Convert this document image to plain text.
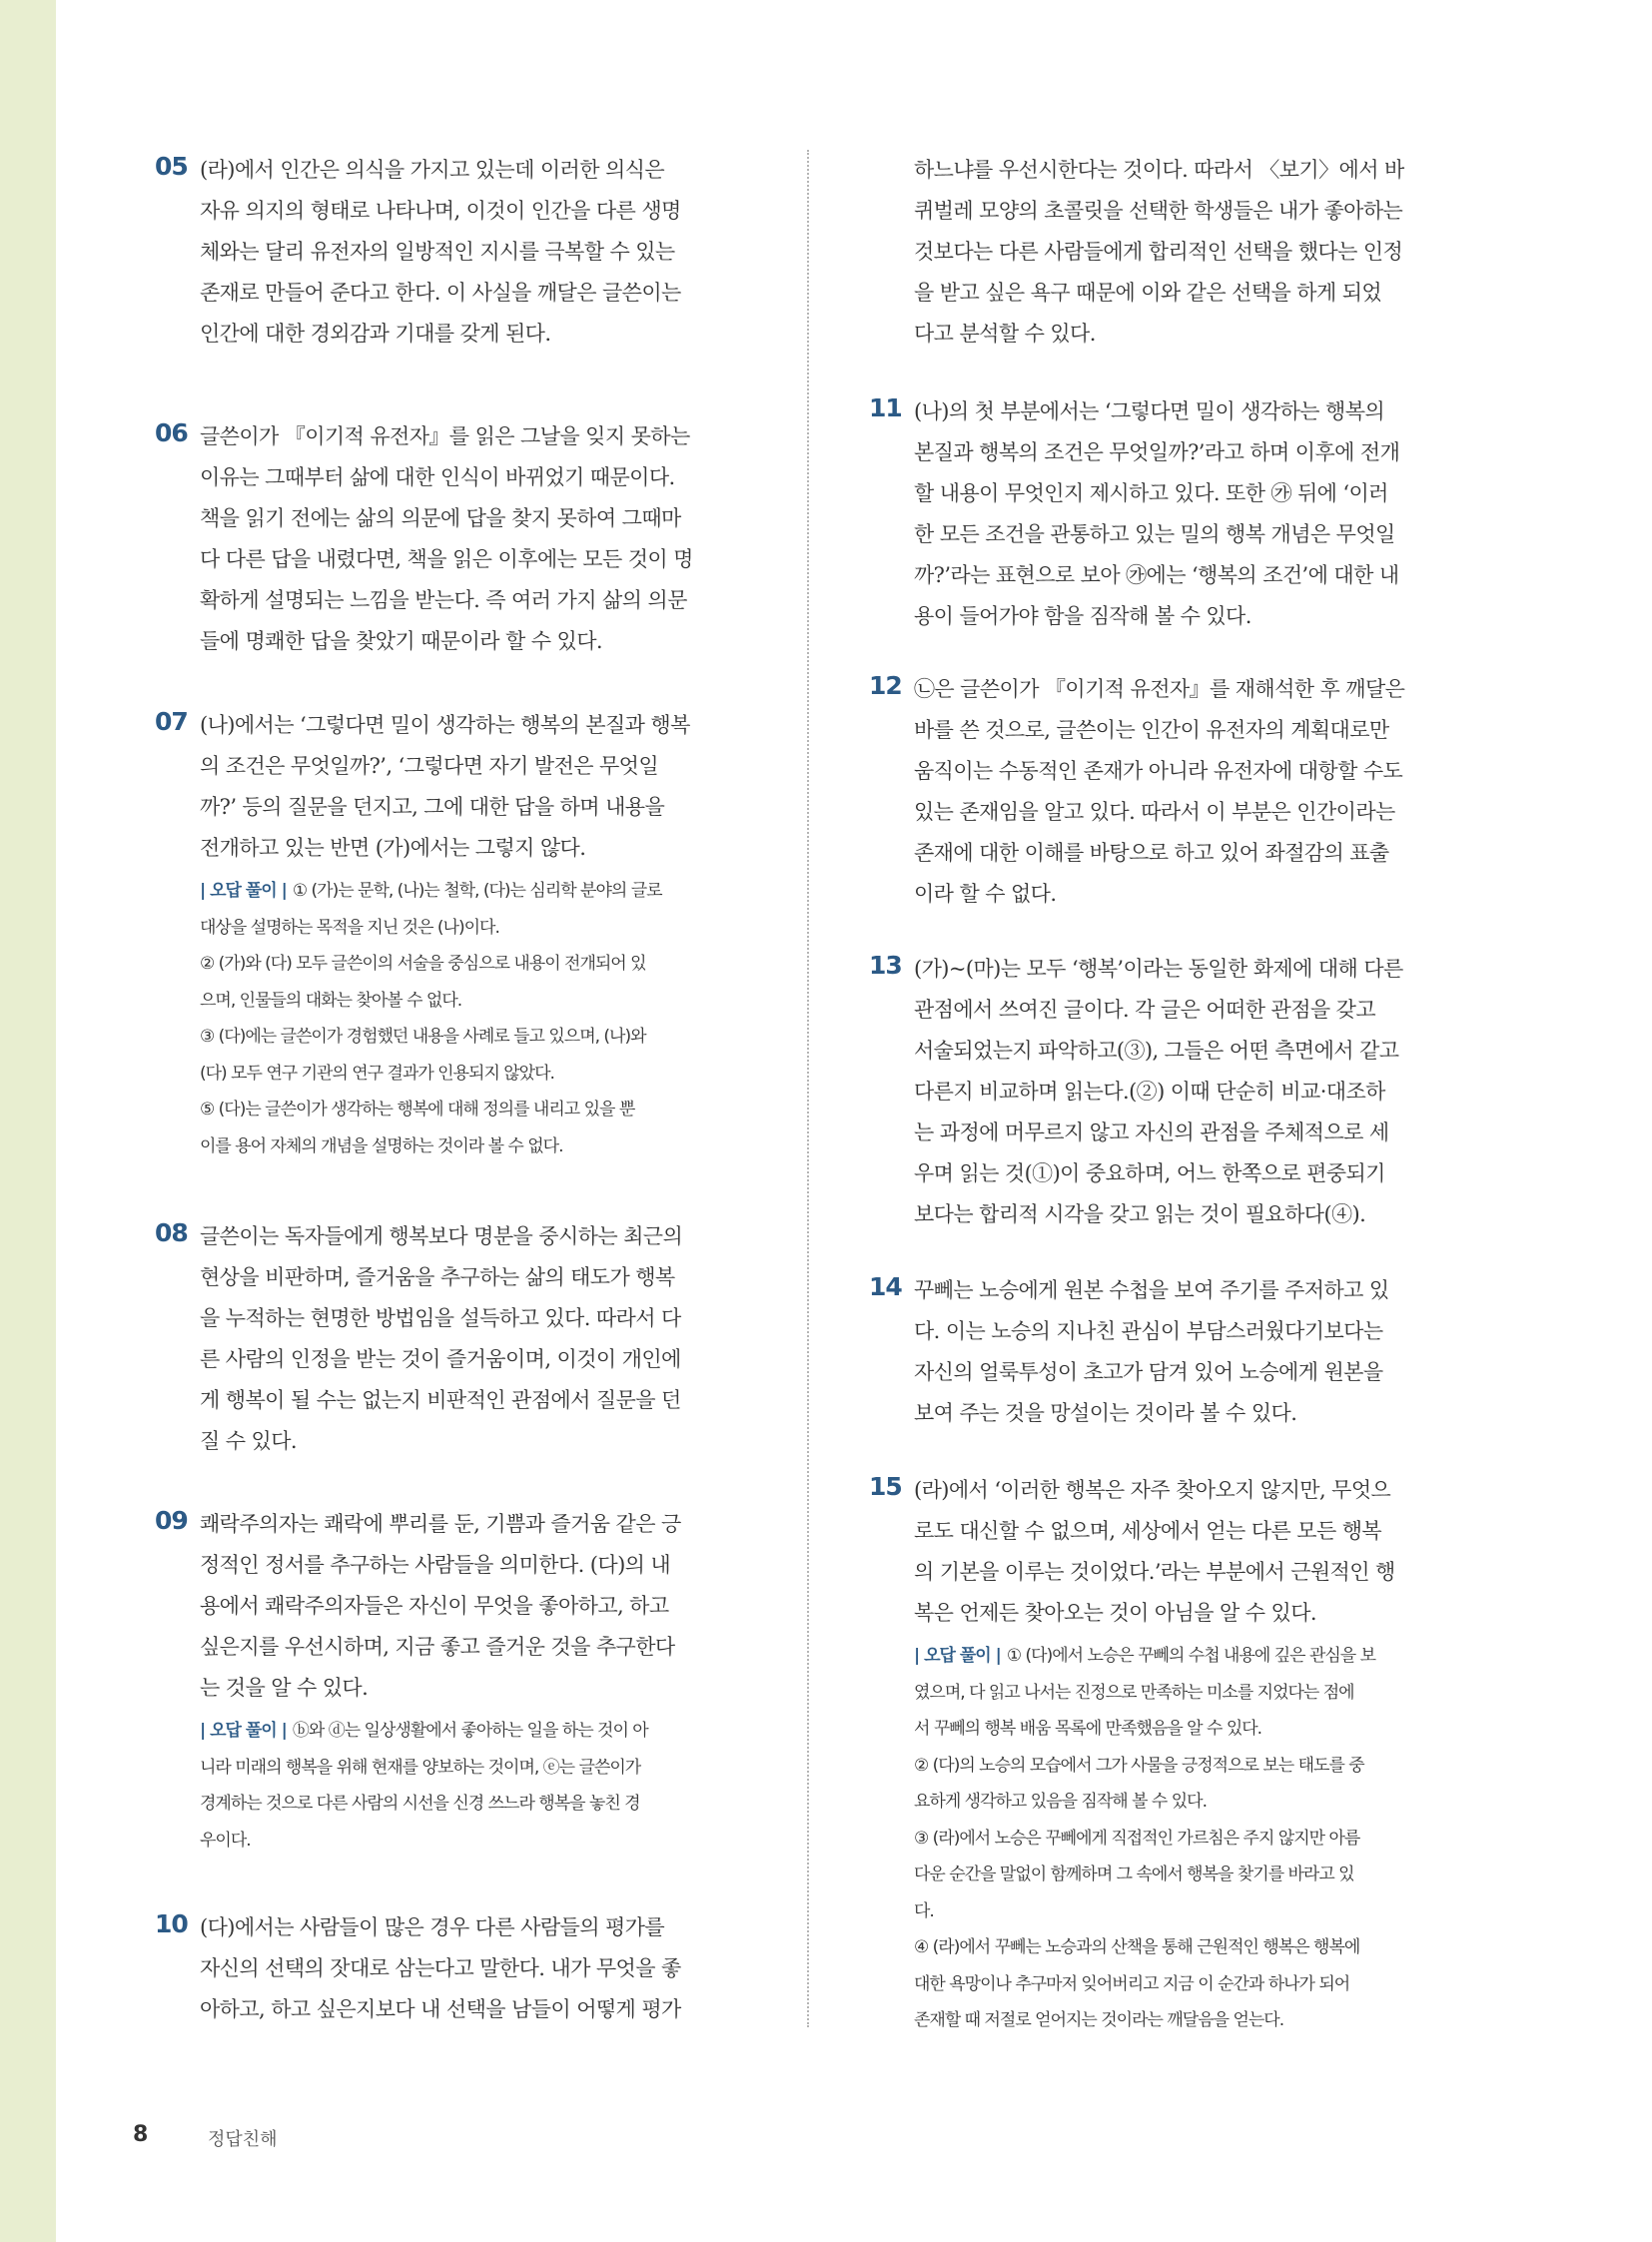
05 (라)에서 인간은 의식을 가지고 있는데 이러한 의식은
자유 의지의 형태로 나타나며, 이것이 인간을 다른 생명
체와는 달리 유전자의 일방적인 지시를 극복할 수 있는
존재로 만들어 준다고 한다. 이 사실을 깨달은 글쓴이는
인간에 대한 경외감과 기대를 갖게 된다.
06 글쓴이가 『이기적 유전자』를 읽은 그날을 잊지 못하는
이유는 그때부터 삶에 대한 인식이 바뀌었기 때문이다.
책을 읽기 전에는 삶의 의문에 답을 찾지 못하여 그때마
다 다른 답을 내렸다면, 책을 읽은 이후에는 모든 것이 명
확하게 설명되는 느낌을 받는다. 즉 여러 가지 삶의 의문
들에 명쾌한 답을 찾았기 때문이라 할 수 있다.
07 (나)에서는 ‘그렇다면 밀이 생각하는 행복의 본질과 행복
의 조건은 무엇일까?’, ‘그렇다면 자기 발전은 무엇일
까?’ 등의 질문을 던지고, 그에 대한 답을 하며 내용을
전개하고 있는 반면 (가)에서는 그렇지 않다.

| 오답 풀이 | ① (가)는 문학, (나)는 철학, (다)는 심리학 분야의 글로

대상을 설명하는 목적을 지닌 것은 (나)이다.

② (가)와 (다) 모두 글쓴이의 서술을 중심으로 내용이 전개되어 있

으며, 인물들의 대화는 찾아볼 수 없다.

③ (다)에는 글쓴이가 경험했던 내용을 사례로 들고 있으며, (나)와

(다) 모두 연구 기관의 연구 결과가 인용되지 않았다.

⑤ (다)는 글쓴이가 생각하는 행복에 대해 정의를 내리고 있을 뿐

이를 용어 자체의 개념을 설명하는 것이라 볼 수 없다.

08 글쓴이는 독자들에게 행복보다 명분을 중시하는 최근의
현상을 비판하며, 즐거움을 추구하는 삶의 태도가 행복
을 누적하는 현명한 방법임을 설득하고 있다. 따라서 다
른 사람의 인정을 받는 것이 즐거움이며, 이것이 개인에
게 행복이 될 수는 없는지 비판적인 관점에서 질문을 던
질 수 있다.
09 쾌락주의자는 쾌락에 뿌리를 둔, 기쁨과 즐거움 같은 긍
정적인 정서를 추구하는 사람들을 의미한다. (다)의 내
용에서 쾌락주의자들은 자신이 무엇을 좋아하고, 하고
싶은지를 우선시하며, 지금 좋고 즐거운 것을 추구한다
는 것을 알 수 있다.

| 오답 풀이 | ⓑ와 ⓓ는 일상생활에서 좋아하는 일을 하는 것이 아

니라 미래의 행복을 위해 현재를 양보하는 것이며, ⓔ는 글쓴이가

경계하는 것으로 다른 사람의 시선을 신경 쓰느라 행복을 놓친 경

우이다.

10 (다)에서는 사람들이 많은 경우 다른 사람들의 평가를
자신의 선택의 잣대로 삼는다고 말한다. 내가 무엇을 좋
아하고, 하고 싶은지보다 내 선택을 남들이 어떻게 평가
하느냐를 우선시한다는 것이다. 따라서 〈보기〉에서 바
퀴벌레 모양의 초콜릿을 선택한 학생들은 내가 좋아하는
것보다는 다른 사람들에게 합리적인 선택을 했다는 인정
을 받고 싶은 욕구 때문에 이와 같은 선택을 하게 되었
다고 분석할 수 있다.
11 (나)의 첫 부분에서는 ‘그렇다면 밀이 생각하는 행복의
본질과 행복의 조건은 무엇일까?’라고 하며 이후에 전개
할 내용이 무엇인지 제시하고 있다. 또한 ㉮ 뒤에 ‘이러
한 모든 조건을 관통하고 있는 밀의 행복 개념은 무엇일
까?’라는 표현으로 보아 ㉮에는 ‘행복의 조건’에 대한 내
용이 들어가야 함을 짐작해 볼 수 있다.
12 ㉡은 글쓴이가 『이기적 유전자』를 재해석한 후 깨달은
바를 쓴 것으로, 글쓴이는 인간이 유전자의 계획대로만
움직이는 수동적인 존재가 아니라 유전자에 대항할 수도
있는 존재임을 알고 있다. 따라서 이 부분은 인간이라는
존재에 대한 이해를 바탕으로 하고 있어 좌절감의 표출
이라 할 수 없다.
13 (가)~(마)는 모두 ‘행복’이라는 동일한 화제에 대해 다른
관점에서 쓰여진 글이다. 각 글은 어떠한 관점을 갖고
서술되었는지 파악하고(③), 그들은 어떤 측면에서 같고
다른지 비교하며 읽는다.(②) 이때 단순히 비교·대조하
는 과정에 머무르지 않고 자신의 관점을 주체적으로 세
우며 읽는 것(①)이 중요하며, 어느 한쪽으로 편중되기
보다는 합리적 시각을 갖고 읽는 것이 필요하다(④).
14 꾸뻬는 노승에게 원본 수첩을 보여 주기를 주저하고 있
다. 이는 노승의 지나친 관심이 부담스러웠다기보다는
자신의 얼룩투성이 초고가 담겨 있어 노승에게 원본을
보여 주는 것을 망설이는 것이라 볼 수 있다.
15 (라)에서 ‘이러한 행복은 자주 찾아오지 않지만, 무엇으
로도 대신할 수 없으며, 세상에서 얻는 다른 모든 행복
의 기본을 이루는 것이었다.’라는 부분에서 근원적인 행
복은 언제든 찾아오는 것이 아님을 알 수 있다.

| 오답 풀이 | ① (다)에서 노승은 꾸뻬의 수첩 내용에 깊은 관심을 보

였으며, 다 읽고 나서는 진정으로 만족하는 미소를 지었다는 점에

서 꾸뻬의 행복 배움 목록에 만족했음을 알 수 있다.

② (다)의 노승의 모습에서 그가 사물을 긍정적으로 보는 태도를 중

요하게 생각하고 있음을 짐작해 볼 수 있다.

③ (라)에서 노승은 꾸뻬에게 직접적인 가르침은 주지 않지만 아름

다운 순간을 말없이 함께하며 그 속에서 행복을 찾기를 바라고 있

다.

④ (라)에서 꾸뻬는 노승과의 산책을 통해 근원적인 행복은 행복에

대한 욕망이나 추구마저 잊어버리고 지금 이 순간과 하나가 되어

존재할 때 저절로 얻어지는 것이라는 깨달음을 얻는다.

8	정답친해
